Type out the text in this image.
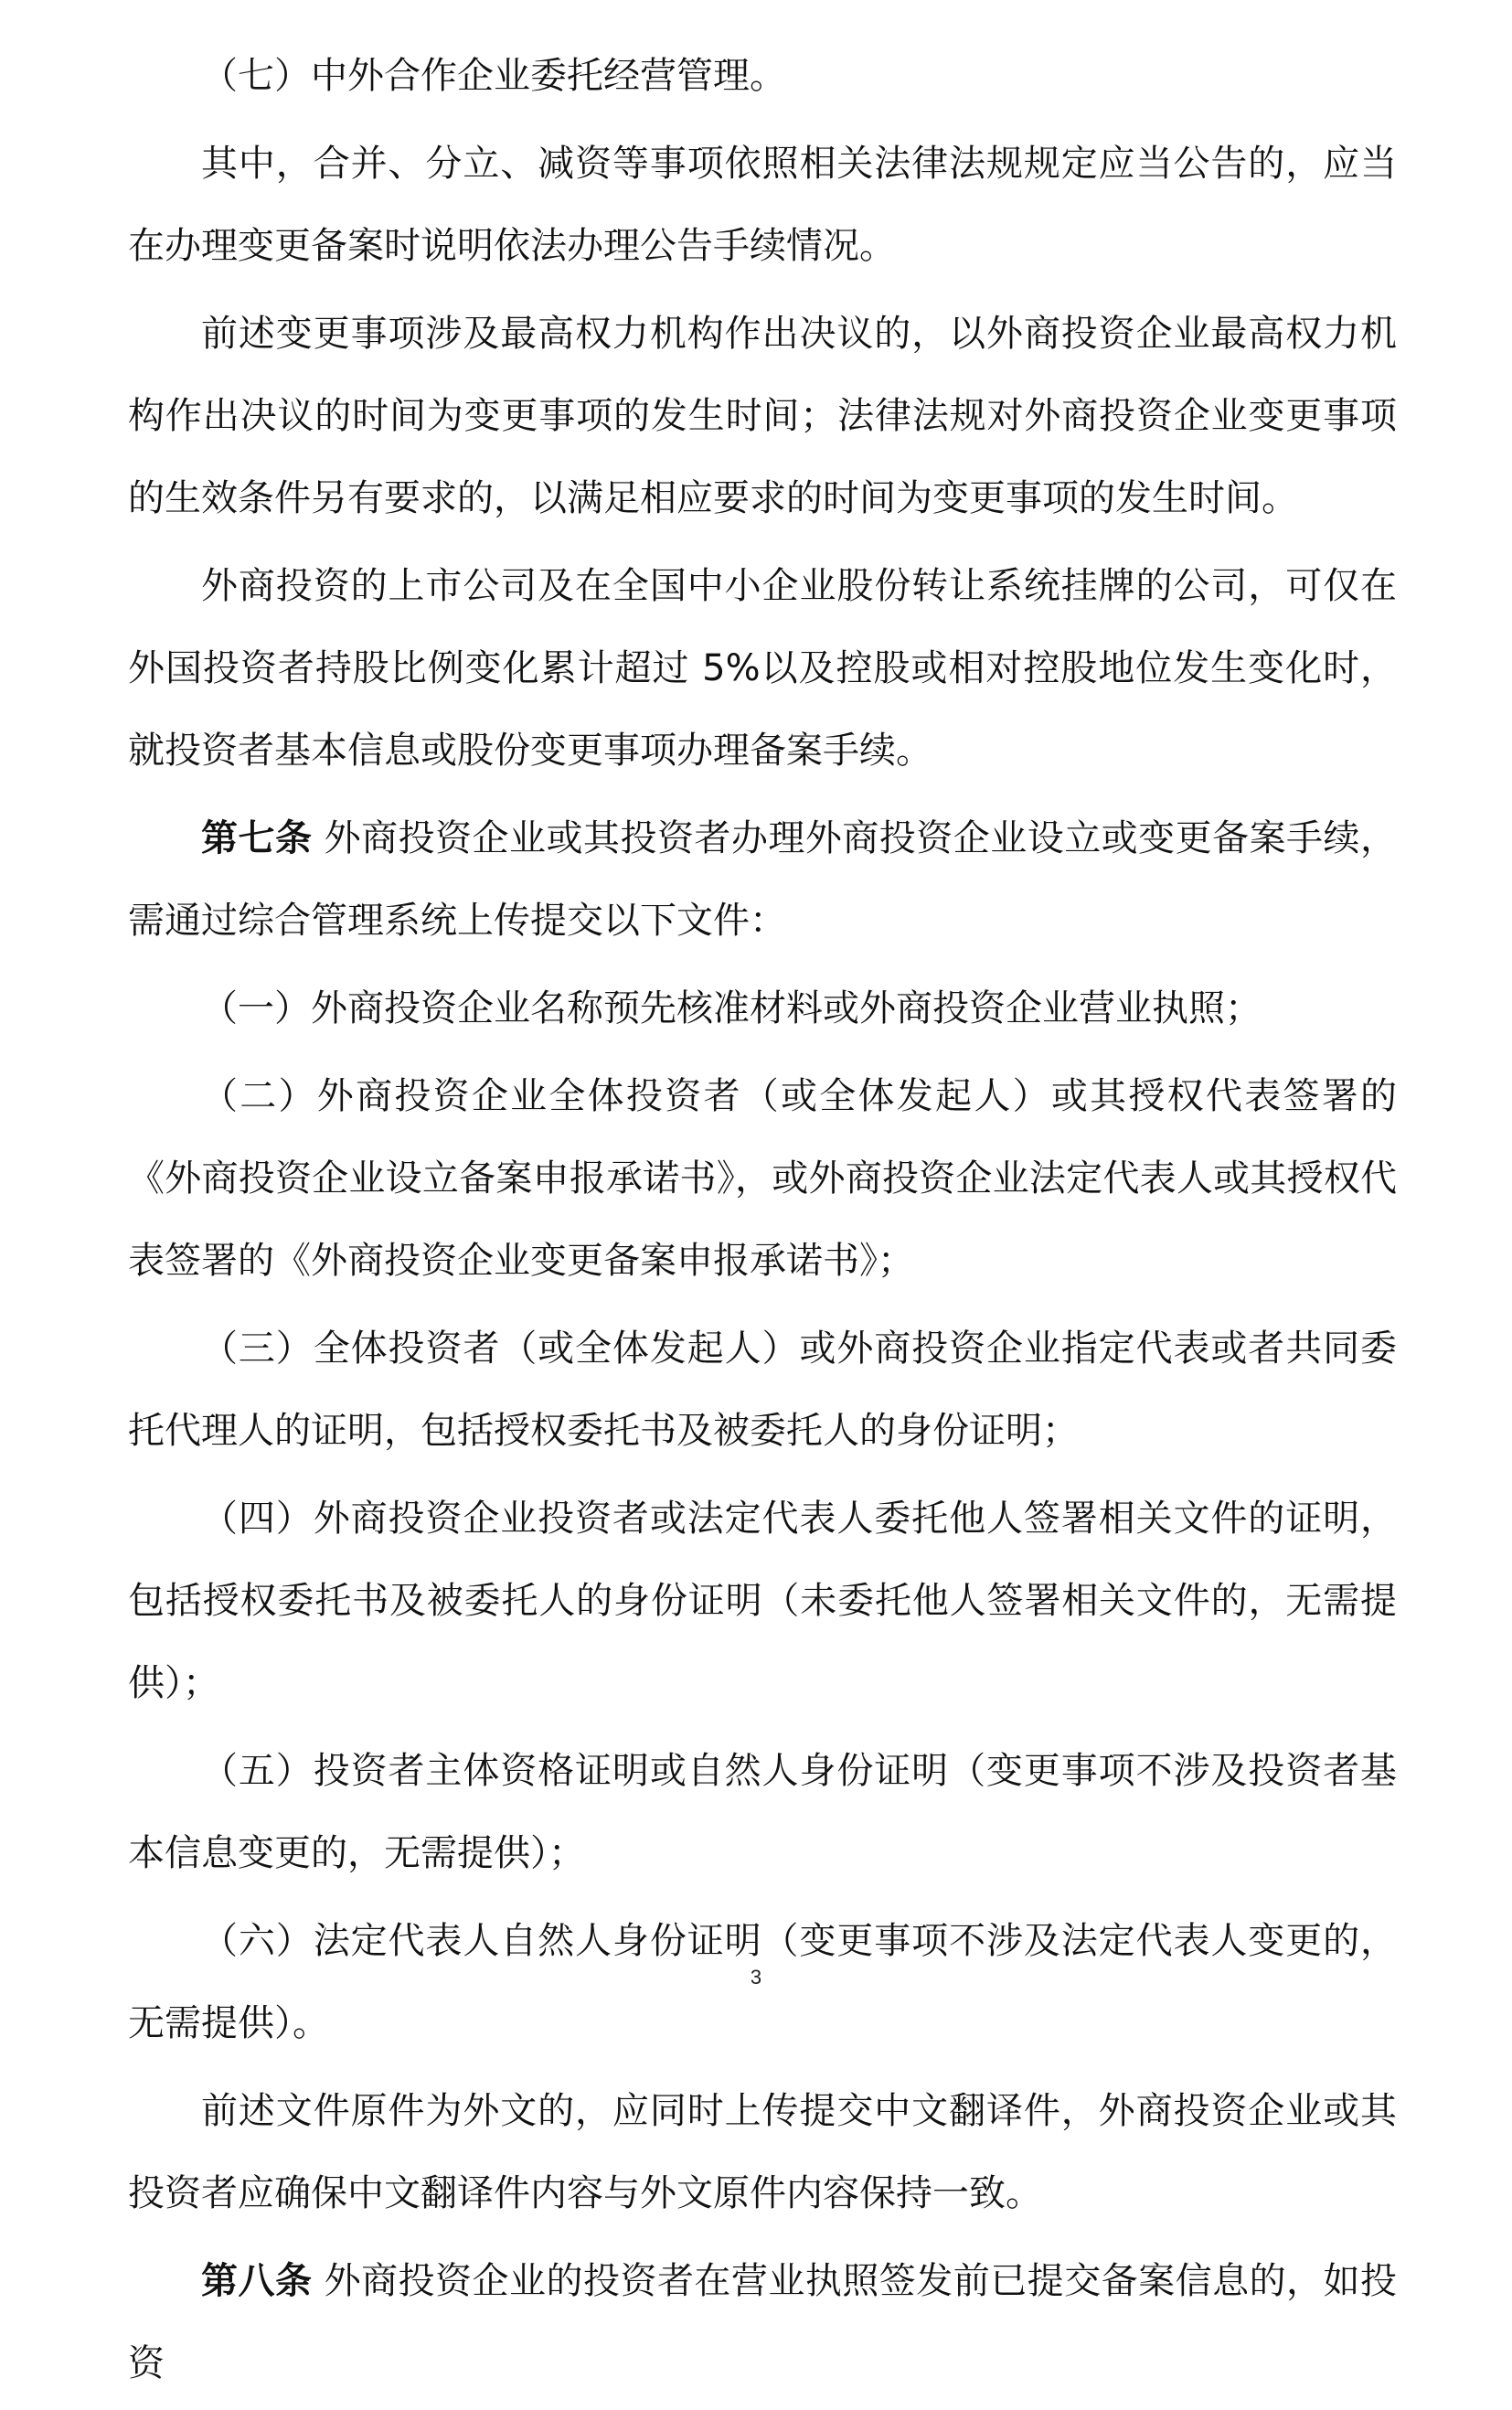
（七）中外合作企业委托经营管理。

其中，合并、分立、减资等事项依照相关法律法规规定应当公告的，应当在办理变更备案时说明依法办理公告手续情况。

前述变更事项涉及最高权力机构作出决议的，以外商投资企业最高权力机构作出决议的时间为变更事项的发生时间；法律法规对外商投资企业变更事项的生效条件另有要求的，以满足相应要求的时间为变更事项的发生时间。

外商投资的上市公司及在全国中小企业股份转让系统挂牌的公司，可仅在外国投资者持股比例变化累计超过 5%以及控股或相对控股地位发生变化时，就投资者基本信息或股份变更事项办理备案手续。

第七条 外商投资企业或其投资者办理外商投资企业设立或变更备案手续，需通过综合管理系统上传提交以下文件：

（一）外商投资企业名称预先核准材料或外商投资企业营业执照；

（二）外商投资企业全体投资者（或全体发起人）或其授权代表签署的《外商投资企业设立备案申报承诺书》，或外商投资企业法定代表人或其授权代表签署的《外商投资企业变更备案申报承诺书》；

（三）全体投资者（或全体发起人）或外商投资企业指定代表或者共同委托代理人的证明，包括授权委托书及被委托人的身份证明；

（四）外商投资企业投资者或法定代表人委托他人签署相关文件的证明，包括授权委托书及被委托人的身份证明（未委托他人签署相关文件的，无需提供）；

（五）投资者主体资格证明或自然人身份证明（变更事项不涉及投资者基本信息变更的，无需提供）；

（六）法定代表人自然人身份证明（变更事项不涉及法定代表人变更的，无需提供）。

前述文件原件为外文的，应同时上传提交中文翻译件，外商投资企业或其投资者应确保中文翻译件内容与外文原件内容保持一致。

第八条 外商投资企业的投资者在营业执照签发前已提交备案信息的，如投资

3
